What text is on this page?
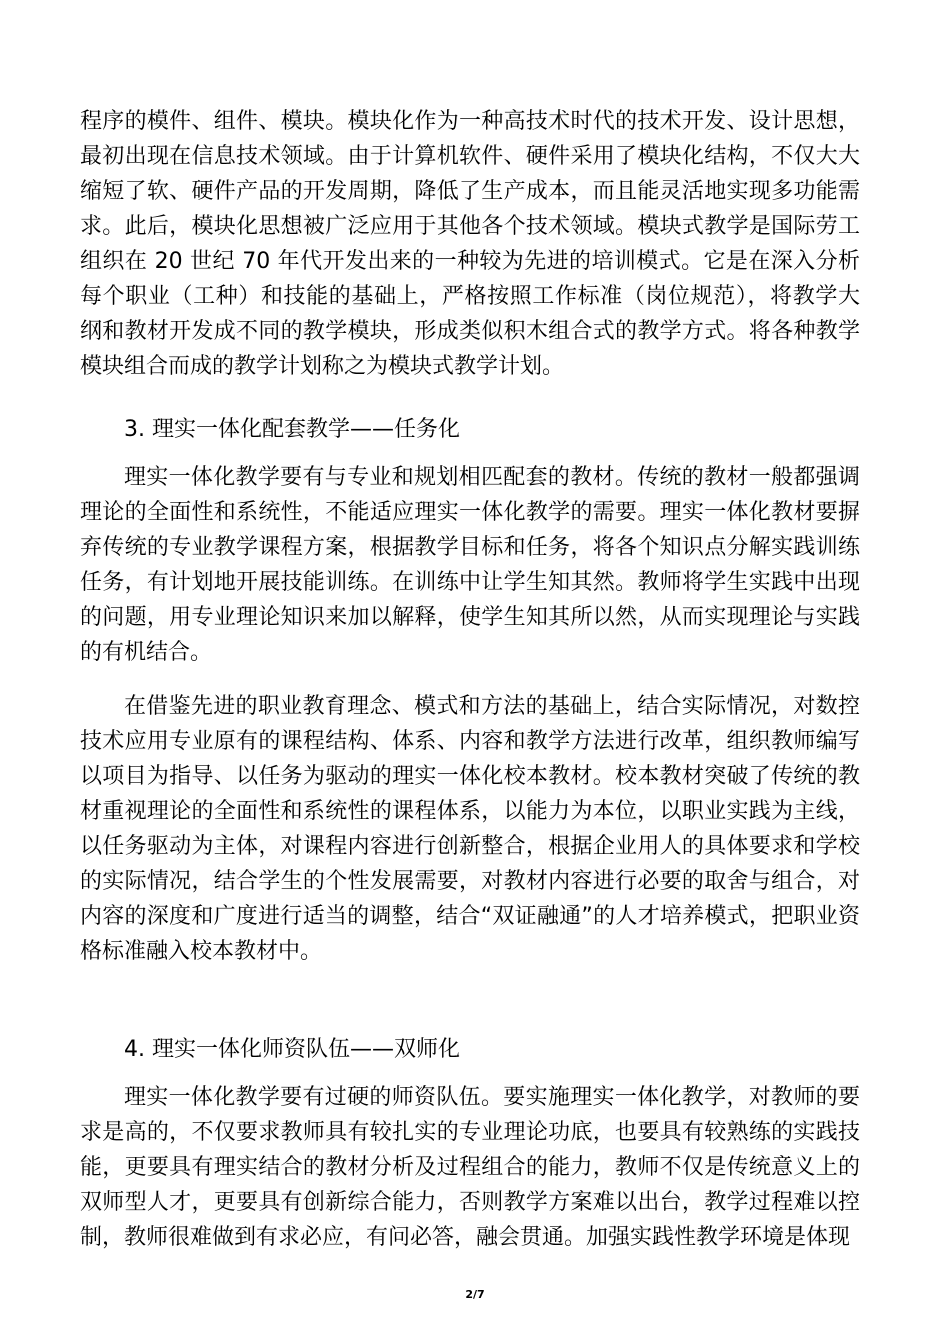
程序的模件、组件、模块。模块化作为一种高技术时代的技术开发、设计思想，最初出现在信息技术领域。由于计算机软件、硬件采用了模块化结构，不仅大大缩短了软、硬件产品的开发周期，降低了生产成本，而且能灵活地实现多功能需求。此后，模块化思想被广泛应用于其他各个技术领域。模块式教学是国际劳工组织在 20 世纪 70 年代开发出来的一种较为先进的培训模式。它是在深入分析每个职业（工种）和技能的基础上，严格按照工作标准（岗位规范），将教学大纲和教材开发成不同的教学模块，形成类似积木组合式的教学方式。将各种教学模块组合而成的教学计划称之为模块式教学计划。

3. 理实一体化配套教学——任务化

理实一体化教学要有与专业和规划相匹配套的教材。传统的教材一般都强调理论的全面性和系统性，不能适应理实一体化教学的需要。理实一体化教材要摒弃传统的专业教学课程方案，根据教学目标和任务，将各个知识点分解实践训练任务，有计划地开展技能训练。在训练中让学生知其然。教师将学生实践中出现的问题，用专业理论知识来加以解释，使学生知其所以然，从而实现理论与实践的有机结合。

在借鉴先进的职业教育理念、模式和方法的基础上，结合实际情况，对数控技术应用专业原有的课程结构、体系、内容和教学方法进行改革，组织教师编写以项目为指导、以任务为驱动的理实一体化校本教材。校本教材突破了传统的教材重视理论的全面性和系统性的课程体系，以能力为本位，以职业实践为主线，以任务驱动为主体，对课程内容进行创新整合，根据企业用人的具体要求和学校的实际情况，结合学生的个性发展需要，对教材内容进行必要的取舍与组合，对内容的深度和广度进行适当的调整，结合“双证融通”的人才培养模式，把职业资格标准融入校本教材中。

4. 理实一体化师资队伍——双师化

理实一体化教学要有过硬的师资队伍。要实施理实一体化教学，对教师的要求是高的，不仅要求教师具有较扎实的专业理论功底，也要具有较熟练的实践技能，更要具有理实结合的教材分析及过程组合的能力，教师不仅是传统意义上的双师型人才，更要具有创新综合能力，否则教学方案难以出台，教学过程难以控制，教师很难做到有求必应，有问必答，融会贯通。加强实践性教学环境是体现

2/7
